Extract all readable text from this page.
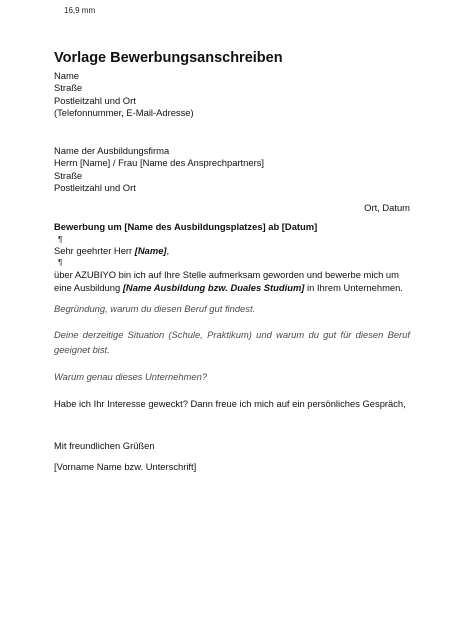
16,9 mm
Vorlage Bewerbungsanschreiben
Name
Straße
Postleitzahl und Ort
(Telefonnummer, E-Mail-Adresse)
Name der Ausbildungsfirma
Herrn [Name] / Frau [Name des Ansprechpartners]
Straße
Postleitzahl und Ort
Ort, Datum
Bewerbung um [Name des Ausbildungsplatzes] ab [Datum]
¶
Sehr geehrter Herr [Name],
¶
über AZUBIYO bin ich auf Ihre Stelle aufmerksam geworden und bewerbe mich um
eine Ausbildung [Name Ausbildung bzw. Duales Studium] in Ihrem Unternehmen.
Begründung, warum du diesen Beruf gut findest.
Deine derzeitige Situation (Schule, Praktikum) und warum du gut für diesen Beruf geeignet bist.
Warum genau dieses Unternehmen?
Habe ich Ihr Interesse geweckt? Dann freue ich mich auf ein persönliches Gespräch,
Mit freundlichen Grüßen
[Vorname Name bzw. Unterschrift]
